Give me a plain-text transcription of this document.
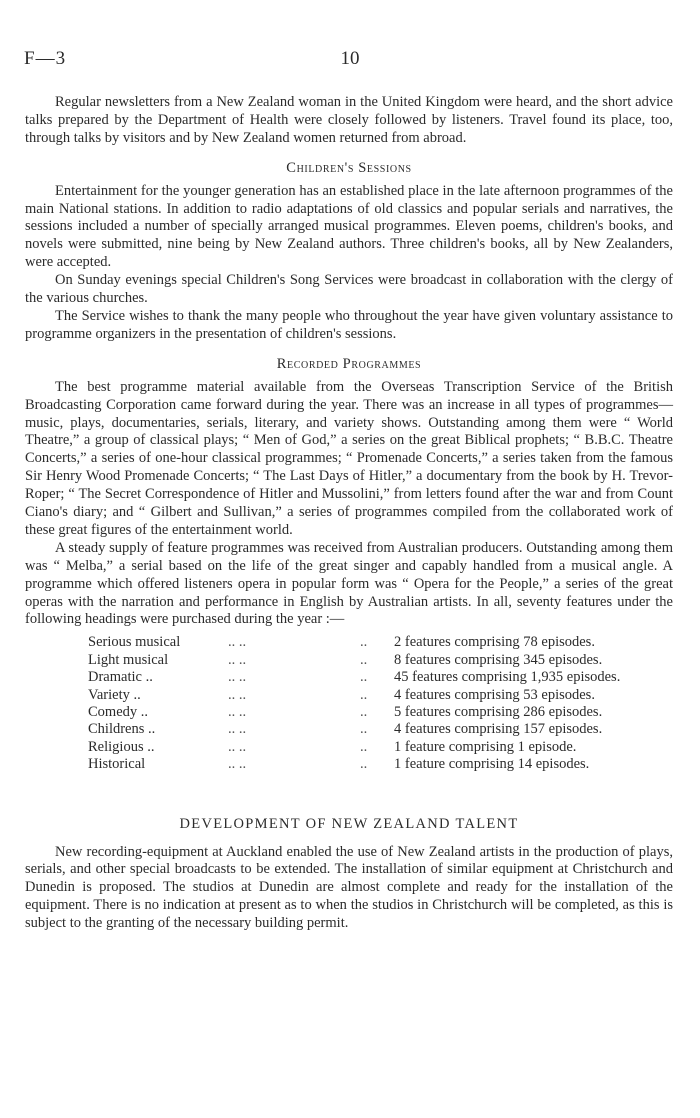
F—3	10

Regular newsletters from a New Zealand woman in the United Kingdom were heard, and the short advice talks prepared by the Department of Health were closely followed by listeners. Travel found its place, too, through talks by visitors and by New Zealand women returned from abroad.

Children's Sessions

Entertainment for the younger generation has an established place in the late afternoon programmes of the main National stations. In addition to radio adaptations of old classics and popular serials and narratives, the sessions included a number of specially arranged musical programmes. Eleven poems, children's books, and novels were submitted, nine being by New Zealand authors. Three children's books, all by New Zealanders, were accepted.

On Sunday evenings special Children's Song Services were broadcast in collaboration with the clergy of the various churches.

The Service wishes to thank the many people who throughout the year have given voluntary assistance to programme organizers in the presentation of children's sessions.

Recorded Programmes

The best programme material available from the Overseas Transcription Service of the British Broadcasting Corporation came forward during the year. There was an increase in all types of programmes—music, plays, documentaries, serials, literary, and variety shows. Outstanding among them were “ World Theatre,” a group of classical plays; “ Men of God,” a series on the great Biblical prophets; “ B.B.C. Theatre Concerts,” a series of one-hour classical programmes; “ Promenade Concerts,” a series taken from the famous Sir Henry Wood Promenade Concerts; “ The Last Days of Hitler,” a documentary from the book by H. Trevor-Roper; “ The Secret Correspondence of Hitler and Mussolini,” from letters found after the war and from Count Ciano's diary; and “ Gilbert and Sullivan,” a series of programmes compiled from the collaborated work of these great figures of the entertainment world.

A steady supply of feature programmes was received from Australian producers. Outstanding among them was “ Melba,” a serial based on the life of the great singer and capably handled from a musical angle. A programme which offered listeners opera in popular form was “ Opera for the People,” a series of the great operas with the narration and performance in English by Australian artists. In all, seventy features under the following headings were purchased during the year :—

Serious musical	.. ..		..	2 features comprising 78 episodes.
Light musical	.. ..		..	8 features comprising 345 episodes.
Dramatic ..	.. ..		..	45 features comprising 1,935 episodes.
Variety ..	.. ..		..	4 features comprising 53 episodes.
Comedy ..	.. ..		..	5 features comprising 286 episodes.
Childrens ..	.. ..		..	4 features comprising 157 episodes.
Religious ..	.. ..		..	1 feature comprising 1 episode.
Historical	.. ..		..	1 feature comprising 14 episodes.
DEVELOPMENT OF NEW ZEALAND TALENT

New recording-equipment at Auckland enabled the use of New Zealand artists in the production of plays, serials, and other special broadcasts to be extended. The installation of similar equipment at Christchurch and Dunedin is proposed. The studios at Dunedin are almost complete and ready for the installation of the equipment. There is no indication at present as to when the studios in Christchurch will be completed, as this is subject to the granting of the necessary building permit.
